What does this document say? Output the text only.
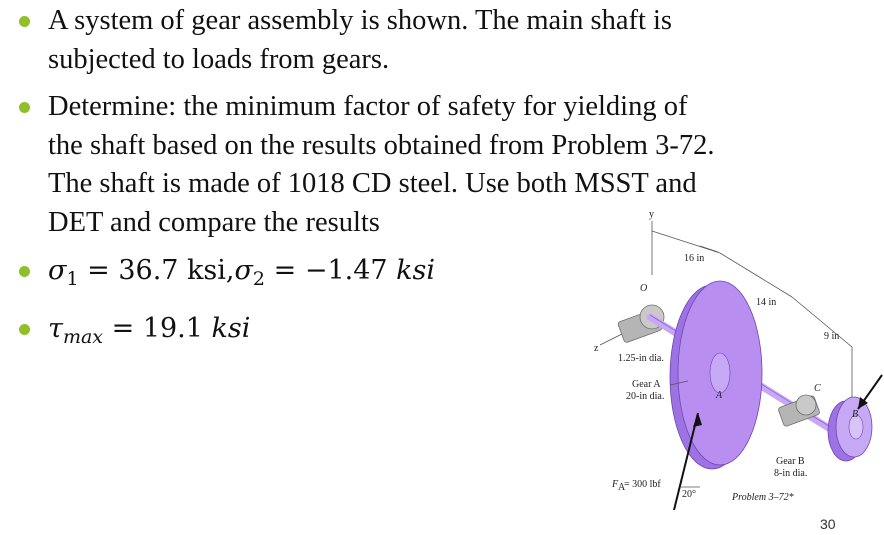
A system of gear assembly is shown. The main shaft is
subjected to loads from gears.
Determine: the minimum factor of safety for yielding of
the shaft based on the results obtained from Problem 3-72.
The shaft is made of 1018 CD steel. Use both MSST and
DET and compare the results
$\sigma_1 = 36.7$ $ksi,\sigma_2 = -1.47$ ksi
$\tau_{max} = 19.1$ ksi
y
z
16 in
14 in
9 in
O
1.25-in dia.
A
Gear A
20-in dia.
F A
= 300 lbf
20°
C
B
Gear B
8-in dia.
Problem 3–72*
30
